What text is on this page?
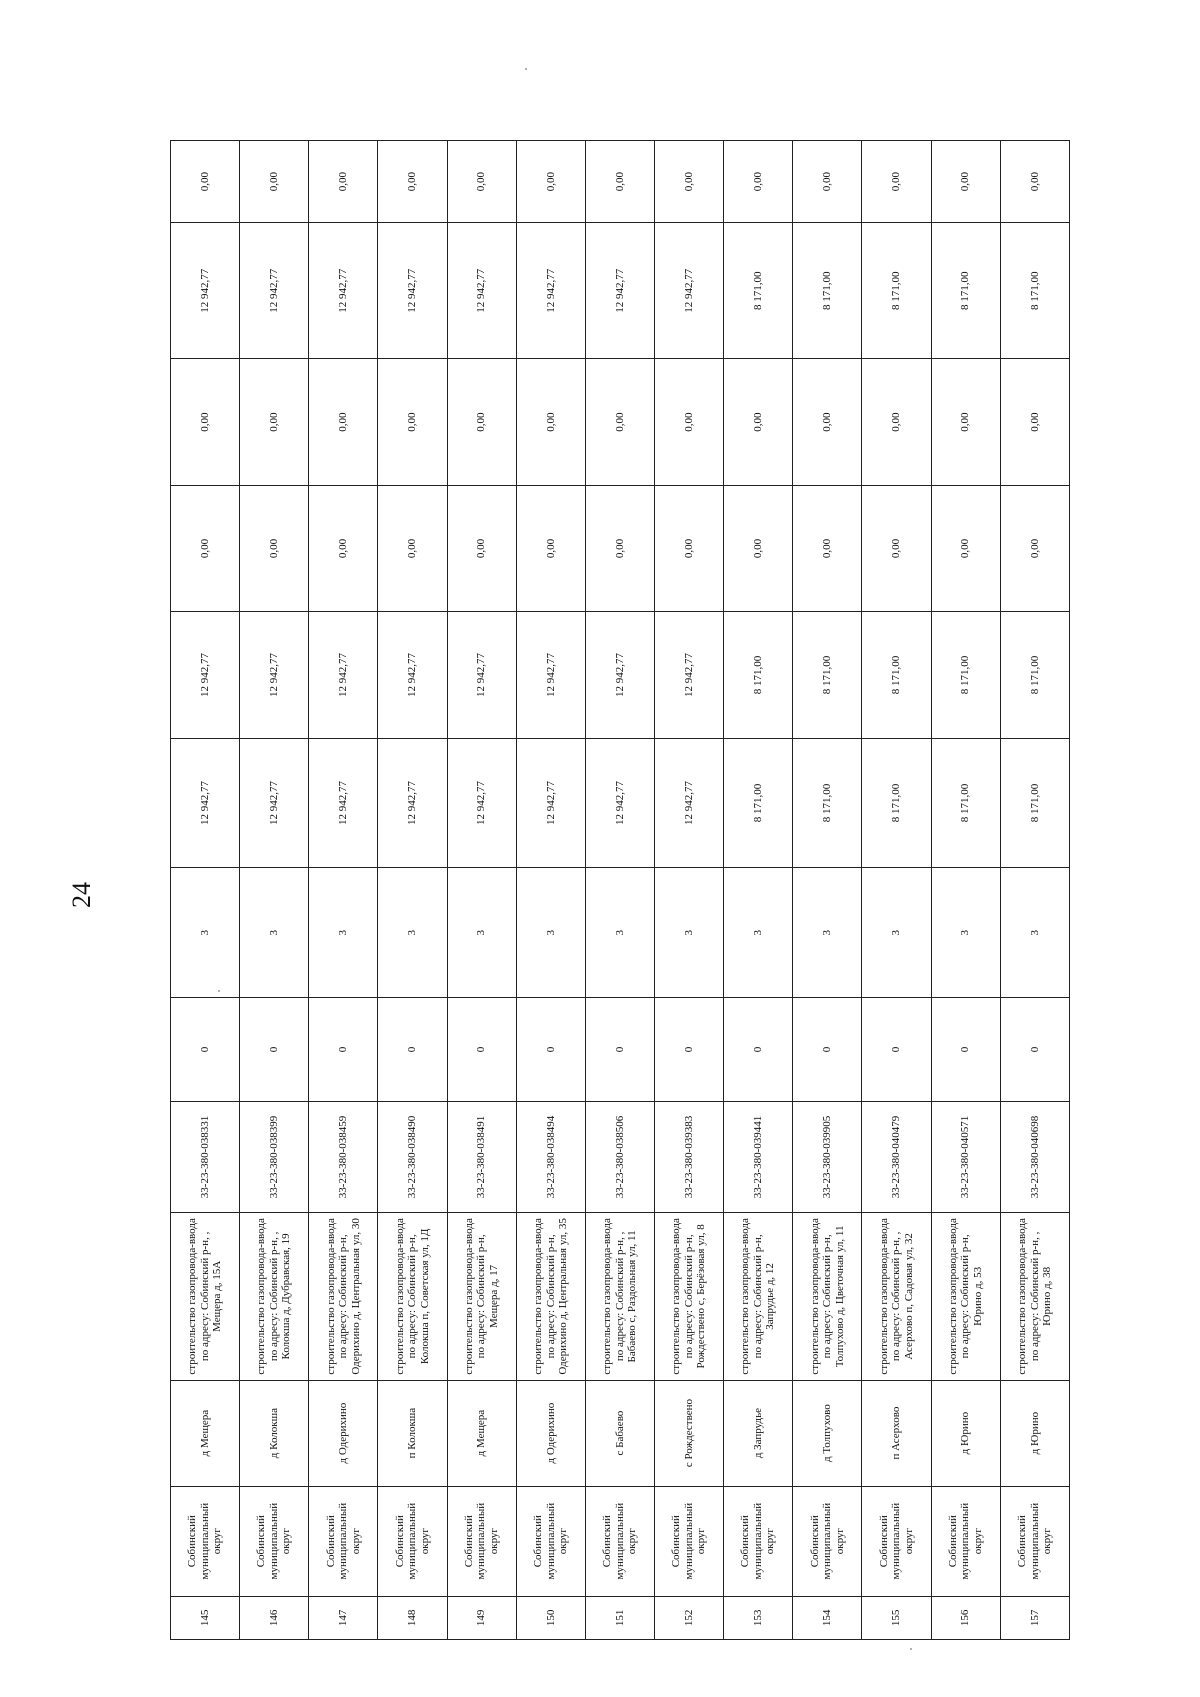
24
145	Собинский муниципальный округ	д Мещера	строительство газопровода-ввода по адресу: Собинский р-н, , Мещера д, 15А	33-23-380-038331	0	3	12 942,77	12 942,77	0,00	0,00	12 942,77	0,00
146	Собинский муниципальный округ	д Колокша	строительство газопровода-ввода по адресу: Собинский р-н, , Колокша д, Дубравская, 19	33-23-380-038399	0	3	12 942,77	12 942,77	0,00	0,00	12 942,77	0,00
147	Собинский муниципальный округ	д Одерихино	строительство газопровода-ввода по адресу: Собинский р-н, Одерихино д, Центральная ул, 30	33-23-380-038459	0	3	12 942,77	12 942,77	0,00	0,00	12 942,77	0,00
148	Собинский муниципальный округ	п Колокша	строительство газопровода-ввода по адресу: Собинский р-н, Колокша п, Советская ул, 1Д	33-23-380-038490	0	3	12 942,77	12 942,77	0,00	0,00	12 942,77	0,00
149	Собинский муниципальный округ	д Мещера	строительство газопровода-ввода по адресу: Собинский р-н, Мещера д, 17	33-23-380-038491	0	3	12 942,77	12 942,77	0,00	0,00	12 942,77	0,00
150	Собинский муниципальный округ	д Одерихино	строительство газопровода-ввода по адресу: Собинский р-н, Одерихино д, Центральная ул, 35	33-23-380-038494	0	3	12 942,77	12 942,77	0,00	0,00	12 942,77	0,00
151	Собинский муниципальный округ	с Бабаево	строительство газопровода-ввода по адресу: Собинский р-н, , Бабаево с, Раздольная ул, 11	33-23-380-038506	0	3	12 942,77	12 942,77	0,00	0,00	12 942,77	0,00
152	Собинский муниципальный округ	с Рождествено	строительство газопровода-ввода по адресу: Собинский р-н, Рождествено с, Берёзовая ул, 8	33-23-380-039383	0	3	12 942,77	12 942,77	0,00	0,00	12 942,77	0,00
153	Собинский муниципальный округ	д Запрудье	строительство газопровода-ввода по адресу: Собинский р-н, Запрудье д, 12	33-23-380-039441	0	3	8 171,00	8 171,00	0,00	0,00	8 171,00	0,00
154	Собинский муниципальный округ	д Толпухово	строительство газопровода-ввода по адресу: Собинский р-н, Толпухово д, Цветочная ул, 11	33-23-380-039905	0	3	8 171,00	8 171,00	0,00	0,00	8 171,00	0,00
155	Собинский муниципальный округ	п Асерхово	строительство газопровода-ввода по адресу: Собинский р-н, , Асерхово п, Садовая ул, 32	33-23-380-040479	0	3	8 171,00	8 171,00	0,00	0,00	8 171,00	0,00
156	Собинский муниципальный округ	д Юрино	строительство газопровода-ввода по адресу: Собинский р-н, Юрино д, 53	33-23-380-040571	0	3	8 171,00	8 171,00	0,00	0,00	8 171,00	0,00
157	Собинский муниципальный округ	д Юрино	строительство газопровода-ввода по адресу: Собинский р-н, , Юрино д, 38	33-23-380-040698	0	3	8 171,00	8 171,00	0,00	0,00	8 171,00	0,00
